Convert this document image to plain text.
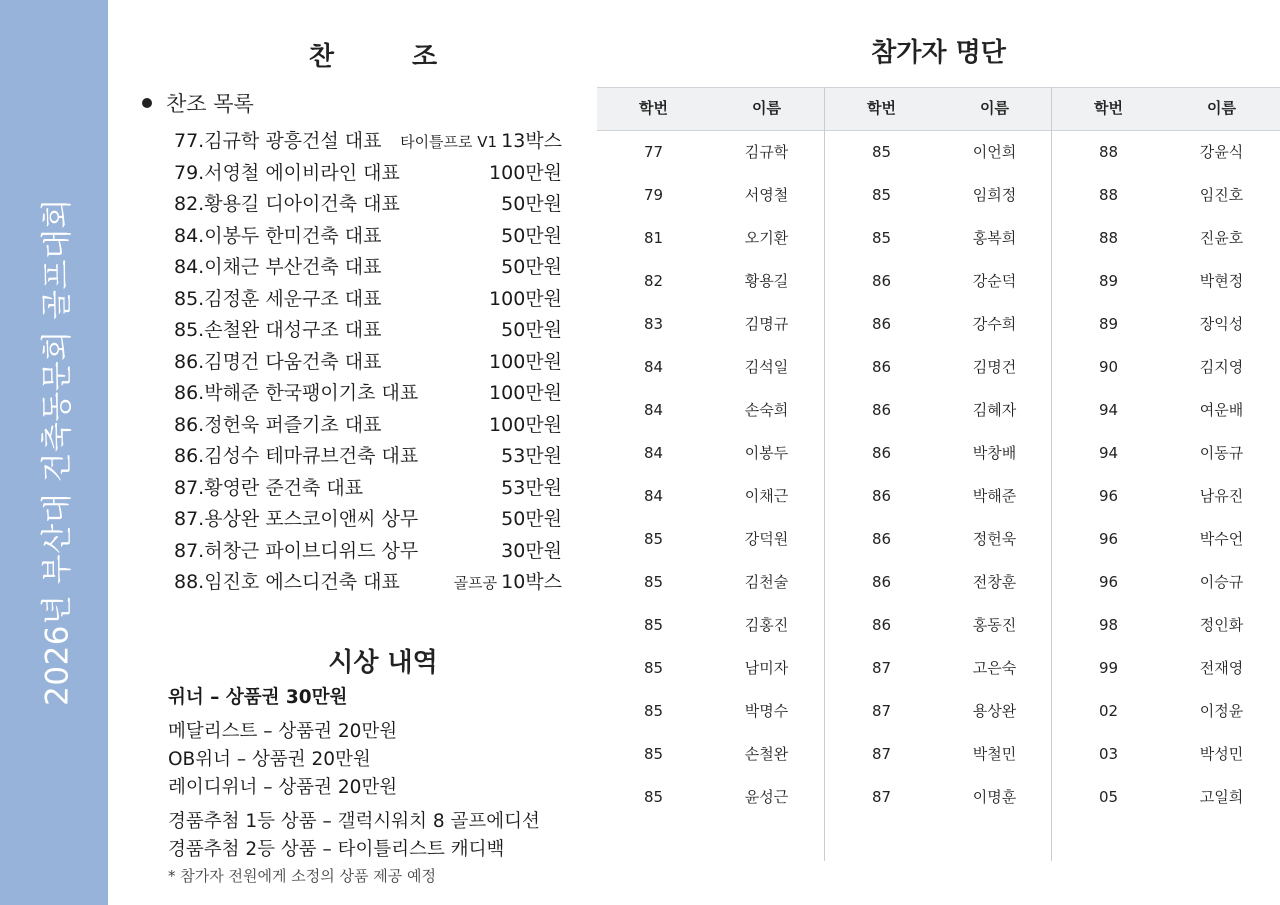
2026년 부산대 건축동문회 골프대회
찬  조
찬조 목록
77.김규학 광흥건설 대표 타이틀프로 V1 13박스
79.서영철 에이비라인 대표	100만원
82.황용길 디아이건축 대표	50만원
84.이봉두 한미건축 대표	50만원
84.이채근 부산건축 대표	50만원
85.김정훈 세운구조 대표	100만원
85.손철완 대성구조 대표	50만원
86.김명건 다움건축 대표	100만원
86.박해준 한국팽이기초 대표	100만원
86.정헌욱 퍼즐기초 대표	100만원
86.김성수 테마큐브건축 대표	53만원
87.황영란 준건축 대표	53만원
87.용상완 포스코이앤씨 상무	50만원
87.허창근 파이브디위드 상무	30만원
88.임진호 에스디건축 대표	골프공 10박스
시상 내역
위너 – 상품권 30만원
메달리스트 – 상품권 20만원
OB위너 – 상품권 20만원
레이디위너 – 상품권 20만원
경품추첨 1등 상품 – 갤럭시워치 8 골프에디션
경품추첨 2등 상품 – 타이틀리스트 캐디백
* 참가자 전원에게 소정의 상품 제공 예정
참가자 명단
학번	이름
77	김규학
79	서영철
81	오기환
82	황용길
83	김명규
84	김석일
84	손숙희
84	이봉두
84	이채근
85	강덕원
85	김천술
85	김홍진
85	남미자
85	박명수
85	손철완
85	윤성근
학번	이름
85	이언희
85	임희정
85	홍복희
86	강순덕
86	강수희
86	김명건
86	김혜자
86	박창배
86	박해준
86	정헌욱
86	전창훈
86	홍동진
87	고은숙
87	용상완
87	박철민
87	이명훈
학번	이름
88	강윤식
88	임진호
88	진윤호
89	박현정
89	장익성
90	김지영
94	여운배
94	이동규
96	남유진
96	박수언
96	이승규
98	정인화
99	전재영
02	이정윤
03	박성민
05	고일희
